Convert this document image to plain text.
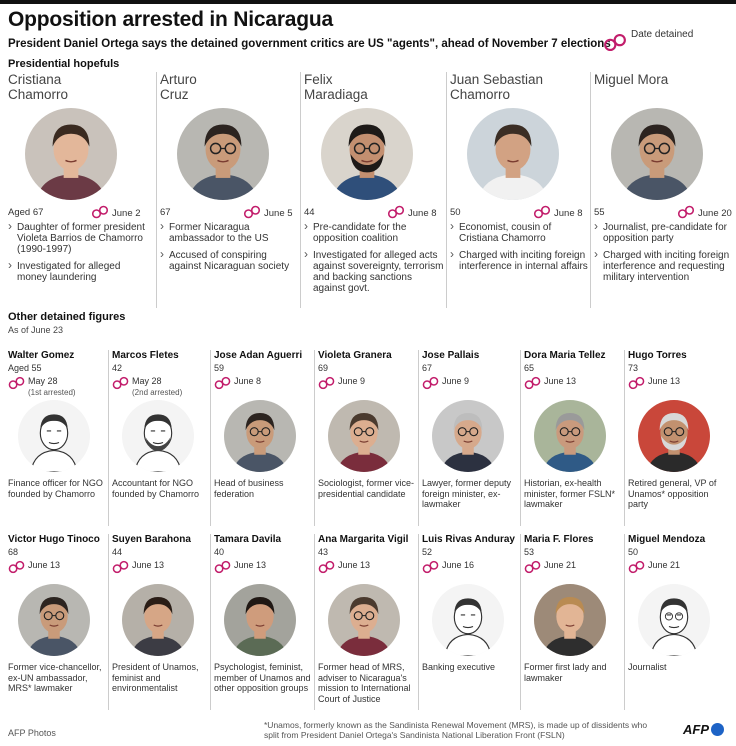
Opposition arrested in Nicaragua
President Daniel Ortega says the detained government critics are US "agents", ahead of November 7 elections
Date detained
Presidential hopefuls
Cristiana
Chamorro
Aged 67	June 2
› Daughter of former president Violeta Barrios de Chamorro (1990-1997)
› Investigated for alleged money laundering
Arturo
Cruz
67	June 5
› Former Nicaragua ambassador to the US
› Accused of conspiring against Nicaraguan society
Felix
Maradiaga
44	June 8
› Pre-candidate for the opposition coalition
› Investigated for alleged acts against sovereignty, terrorism and backing sanctions against govt.
Juan Sebastian
Chamorro
50	June 8
› Economist, cousin of Cristiana Chamorro
› Charged with inciting foreign interference in internal affairs
Miguel Mora
55	June 20
› Journalist, pre-candidate for opposition party
› Charged with inciting foreign interference and requesting military intervention
Other detained figures
As of June 23
Walter Gomez
Aged 55
May 28
(1st arrested)
Finance officer for NGO founded by Chamorro
Marcos Fletes
42
May 28
(2nd arrested)
Accountant for NGO founded by Chamorro
Jose Adan Aguerri
59
June 8
Head of business federation
Violeta Granera
69
June 9
Sociologist, former vice-presidential candidate
Jose Pallais
67
June 9
Lawyer, former deputy foreign minister, ex-lawmaker
Dora Maria Tellez
65
June 13
Historian, ex-health minister, former FSLN* lawmaker
Hugo Torres
73
June 13
Retired general, VP of Unamos* opposition party
Victor Hugo Tinoco
68
June 13
Former vice-chancellor, ex-UN ambassador, MRS* lawmaker
Suyen Barahona
44
June 13
President of Unamos, feminist and environmentalist
Tamara Davila
40
June 13
Psychologist, feminist, member of Unamos and other opposition groups
Ana Margarita Vigil
43
June 13
Former head of MRS, adviser to Nicaragua's mission to International Court of Justice
Luis Rivas Anduray
52
June 16
Banking executive
Maria F. Flores
53
June 21
Former first lady and lawmaker
Miguel Mendoza
50
June 21
Journalist
AFP Photos
*Unamos, formerly known as the Sandinista Renewal Movement (MRS), is made up of dissidents who split from President Daniel Ortega's Sandinista National Liberation Front (FSLN)	AFP
